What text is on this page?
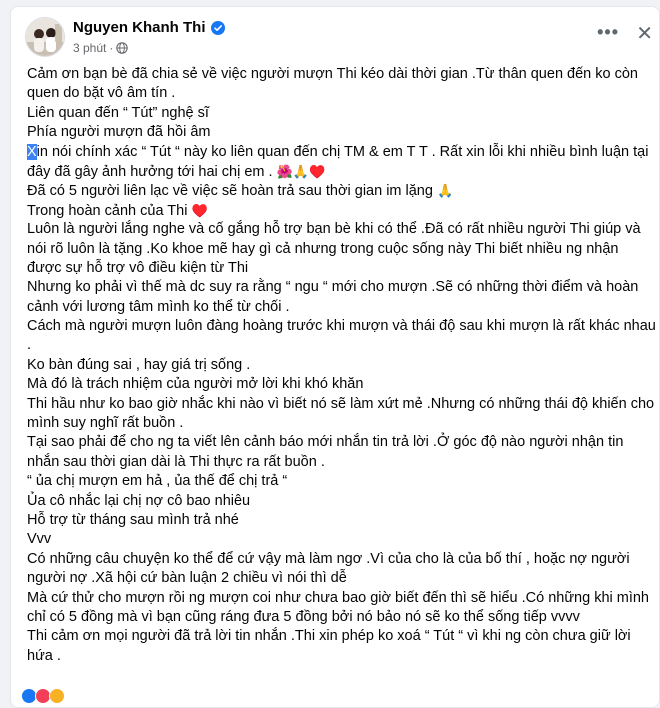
Nguyen Khanh Thi
3 phút ·
••• ✕
Cảm ơn bạn bè đã chia sẻ về việc người mượn Thi kéo dài thời gian .Từ thân quen đến ko còn
quen do bặt vô âm tín .
Liên quan đến “ Tút” nghệ sĩ
Phía người mượn đã hồi âm
Xin nói chính xác “ Tút “ này ko liên quan đến chị TM & em T T . Rất xin lỗi khi nhiều bình luận tại
đây đã gây ảnh hưởng tới hai chị em . 🌺🙏♥️
Đã có 5 người liên lạc về việc sẽ hoàn trả sau thời gian im lặng 🙏
Trong hoàn cảnh của Thi ♥️
Luôn là người lắng nghe và cố gắng hỗ trợ bạn bè khi có thể .Đã có rất nhiều người Thi giúp và
nói rõ luôn là tặng .Ko khoe mẽ hay gì cả nhưng trong cuộc sống này Thi biết nhiều ng nhận
được sự hỗ trợ vô điều kiện từ Thi
Nhưng ko phải vì thế mà dc suy ra rằng “ ngu “ mới cho mượn .Sẽ có những thời điểm và hoàn
cảnh với lương tâm mình ko thể từ chối .
Cách mà người mượn luôn đàng hoàng trước khi mượn và thái độ sau khi mượn là rất khác nhau
.
Ko bàn đúng sai , hay giá trị sống .
Mà đó là trách nhiệm của người mở lời khi khó khăn
Thi hầu như ko bao giờ nhắc khi nào vì biết nó sẽ làm xứt mẻ .Nhưng có những thái độ khiến cho
mình suy nghĩ rất buồn .
Tại sao phải để cho ng ta viết lên cảnh báo mới nhắn tin trả lời .Ở góc độ nào người nhận tin
nhắn sau thời gian dài là Thi thực ra rất buồn .
“ ủa chị mượn em hả , ủa thế để chị trả “
Ủa cô nhắc lại chị nợ cô bao nhiêu
Hỗ trợ từ tháng sau mình trả nhé
Vvv
Có những câu chuyện ko thể để cứ vậy mà làm ngơ .Vì của cho là của bố thí , hoặc nợ người
người nợ .Xã hội cứ bàn luận 2 chiều vì nói thì dễ
Mà cứ thử cho mượn rồi ng mượn coi như chưa bao giờ biết đến thì sẽ hiểu .Có những khi mình
chỉ có 5 đồng mà vì bạn cũng ráng đưa 5 đồng bởi nó bảo nó sẽ ko thể sống tiếp vvvv
Thi cảm ơn mọi người đã trả lời tin nhắn .Thi xin phép ko xoá “ Tút “ vì khi ng còn chưa giữ lời
hứa .
